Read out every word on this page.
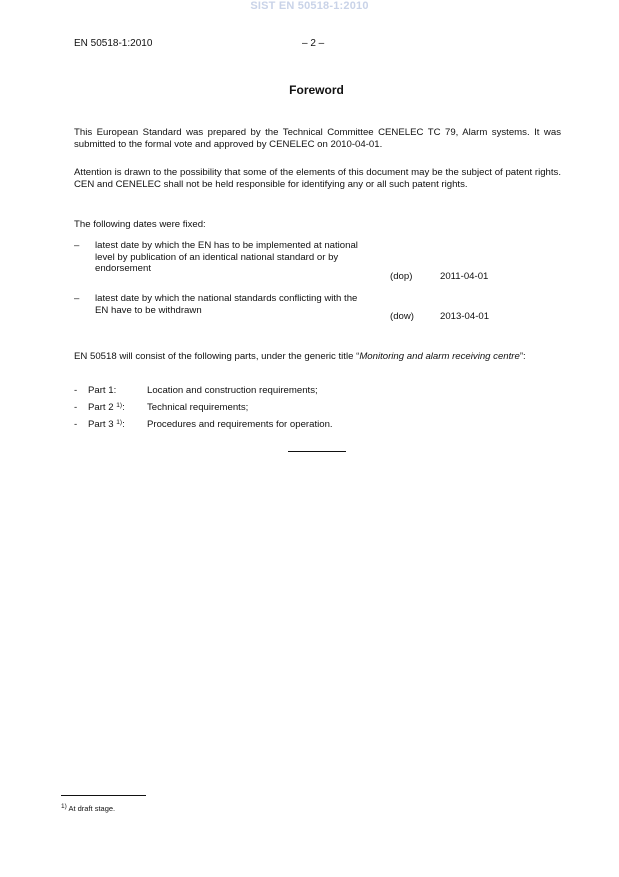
SIST EN 50518-1:2010
EN 50518-1:2010	– 2 –
Foreword
This European Standard was prepared by the Technical Committee CENELEC TC 79, Alarm systems. It was submitted to the formal vote and approved by CENELEC on 2010-04-01.
Attention is drawn to the possibility that some of the elements of this document may be the subject of patent rights. CEN and CENELEC shall not be held responsible for identifying any or all such patent rights.
The following dates were fixed:
– latest date by which the EN has to be implemented at national level by publication of an identical national standard or by endorsement
(dop)	2011-04-01
– latest date by which the national standards conflicting with the EN have to be withdrawn
(dow)	2013-04-01
EN 50518 will consist of the following parts, under the generic title “Monitoring and alarm receiving centre”:
- Part 1:	Location and construction requirements;
- Part 2 $^{1)}$: Technical requirements;
- Part 3 $^{1)}$: Procedures and requirements for operation.
$^{1)}$ At draft stage.
